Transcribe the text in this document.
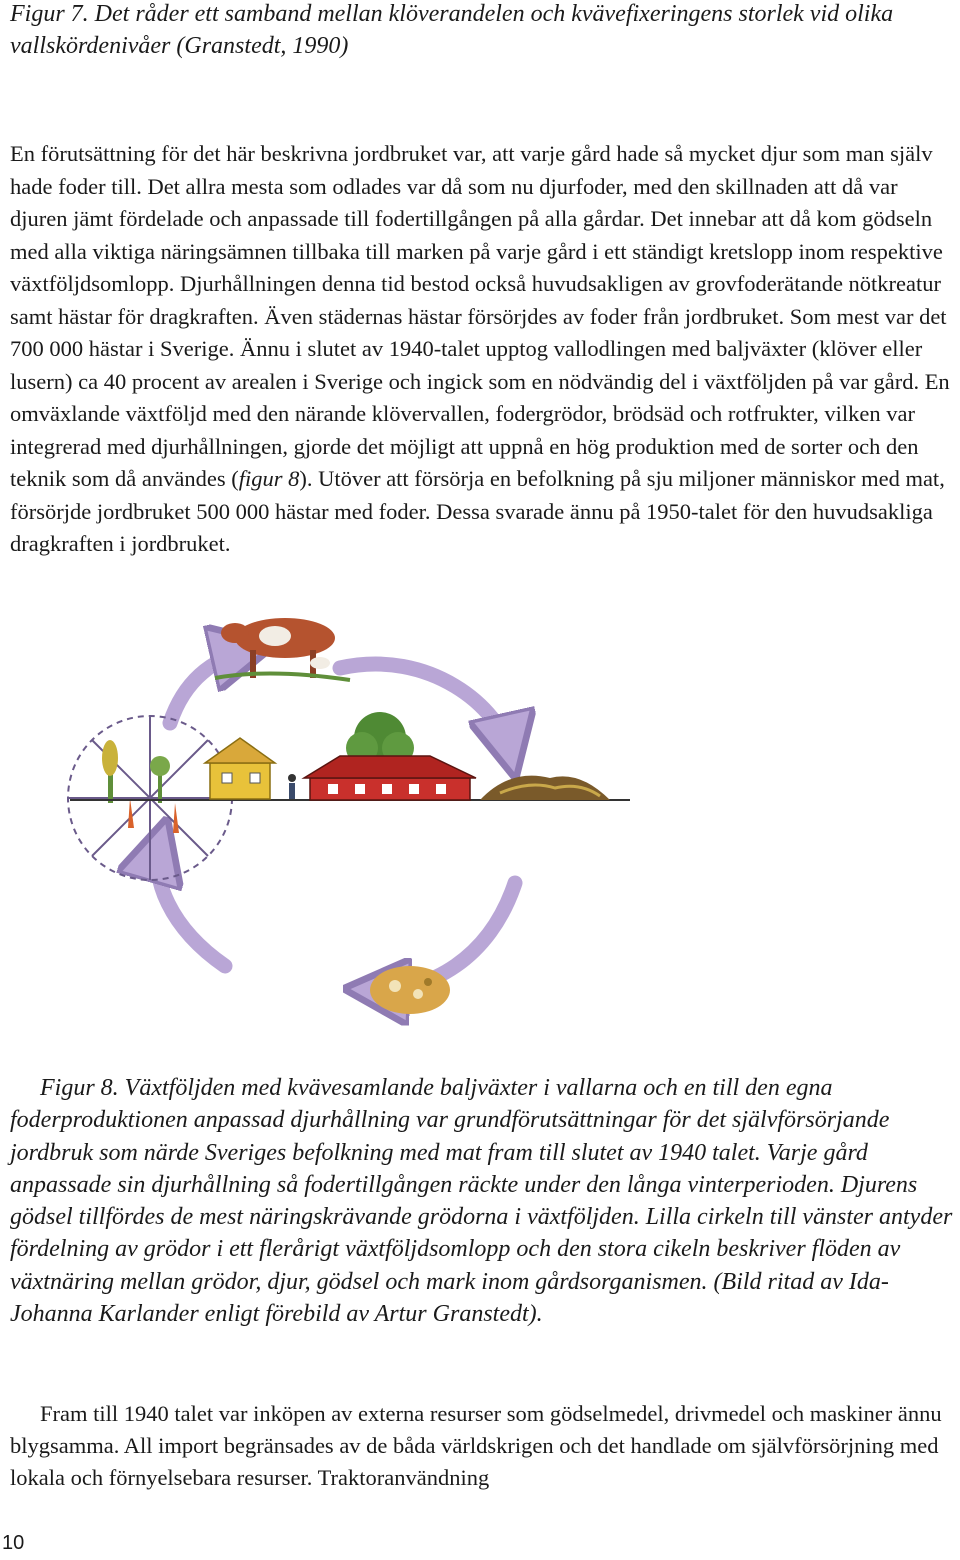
Figur 7. Det råder ett samband mellan klöverandelen och kvävefixeringens storlek vid olika vallskördenivåer (Granstedt, 1990)

En förutsättning för det här beskrivna jordbruket var, att varje gård hade så mycket djur som man själv hade foder till. Det allra mesta som odlades var då som nu djurfoder, med den skillnaden att då var djuren jämt fördelade och anpassade till fodertillgången på alla gårdar. Det innebar att då kom gödseln med alla viktiga näringsämnen tillbaka till marken på varje gård i ett ständigt kretslopp inom respektive växtföljdsomlopp. Djurhållningen denna tid bestod också huvudsakligen av grovfoderätande nötkreatur samt hästar för dragkraften. Även städernas hästar försörjdes av foder från jordbruket. Som mest var det 700 000 hästar i Sverige. Ännu i slutet av 1940-talet upptog vallodlingen med baljväxter (klöver eller lusern) ca 40 procent av arealen i Sverige och ingick som en nödvändig del i växtföljden på var gård. En omväxlande växtföljd med den närande klövervallen, fodergrödor, brödsäd och rotfrukter, vilken var integrerad med djurhållningen, gjorde det möjligt att uppnå en hög produktion med de sorter och den teknik som då användes (figur 8). Utöver att försörja en befolkning på sju miljoner människor med mat, försörjde jordbruket 500 000 hästar med foder. Dessa svarade ännu på 1950-talet för den huvudsakliga dragkraften i jordbruket.

Figur 8. Växtföljden med kvävesamlande baljväxter i vallarna och en till den egna foderproduktionen anpassad djurhållning var grundförutsättningar för det självförsörjande jordbruk som närde Sveriges befolkning med mat fram till slutet av 1940 talet. Varje gård anpassade sin djurhållning så fodertillgången räckte under den långa vinterperioden. Djurens gödsel tillfördes de mest näringskrävande grödorna i växtföljden. Lilla cirkeln till vänster antyder fördelning av grödor i ett flerårigt växtföljdsomlopp och den stora cikeln beskriver flöden av växtnäring mellan grödor, djur, gödsel och mark inom gårdsorganismen. (Bild ritad av Ida-Johanna Karlander enligt förebild av Artur Granstedt).

Fram till 1940 talet var inköpen av externa resurser som gödselmedel, drivmedel och maskiner ännu blygsamma. All import begränsades av de båda världskrigen och det handlade om självförsörjning med lokala och förnyelsebara resurser. Traktoranvändning

10
